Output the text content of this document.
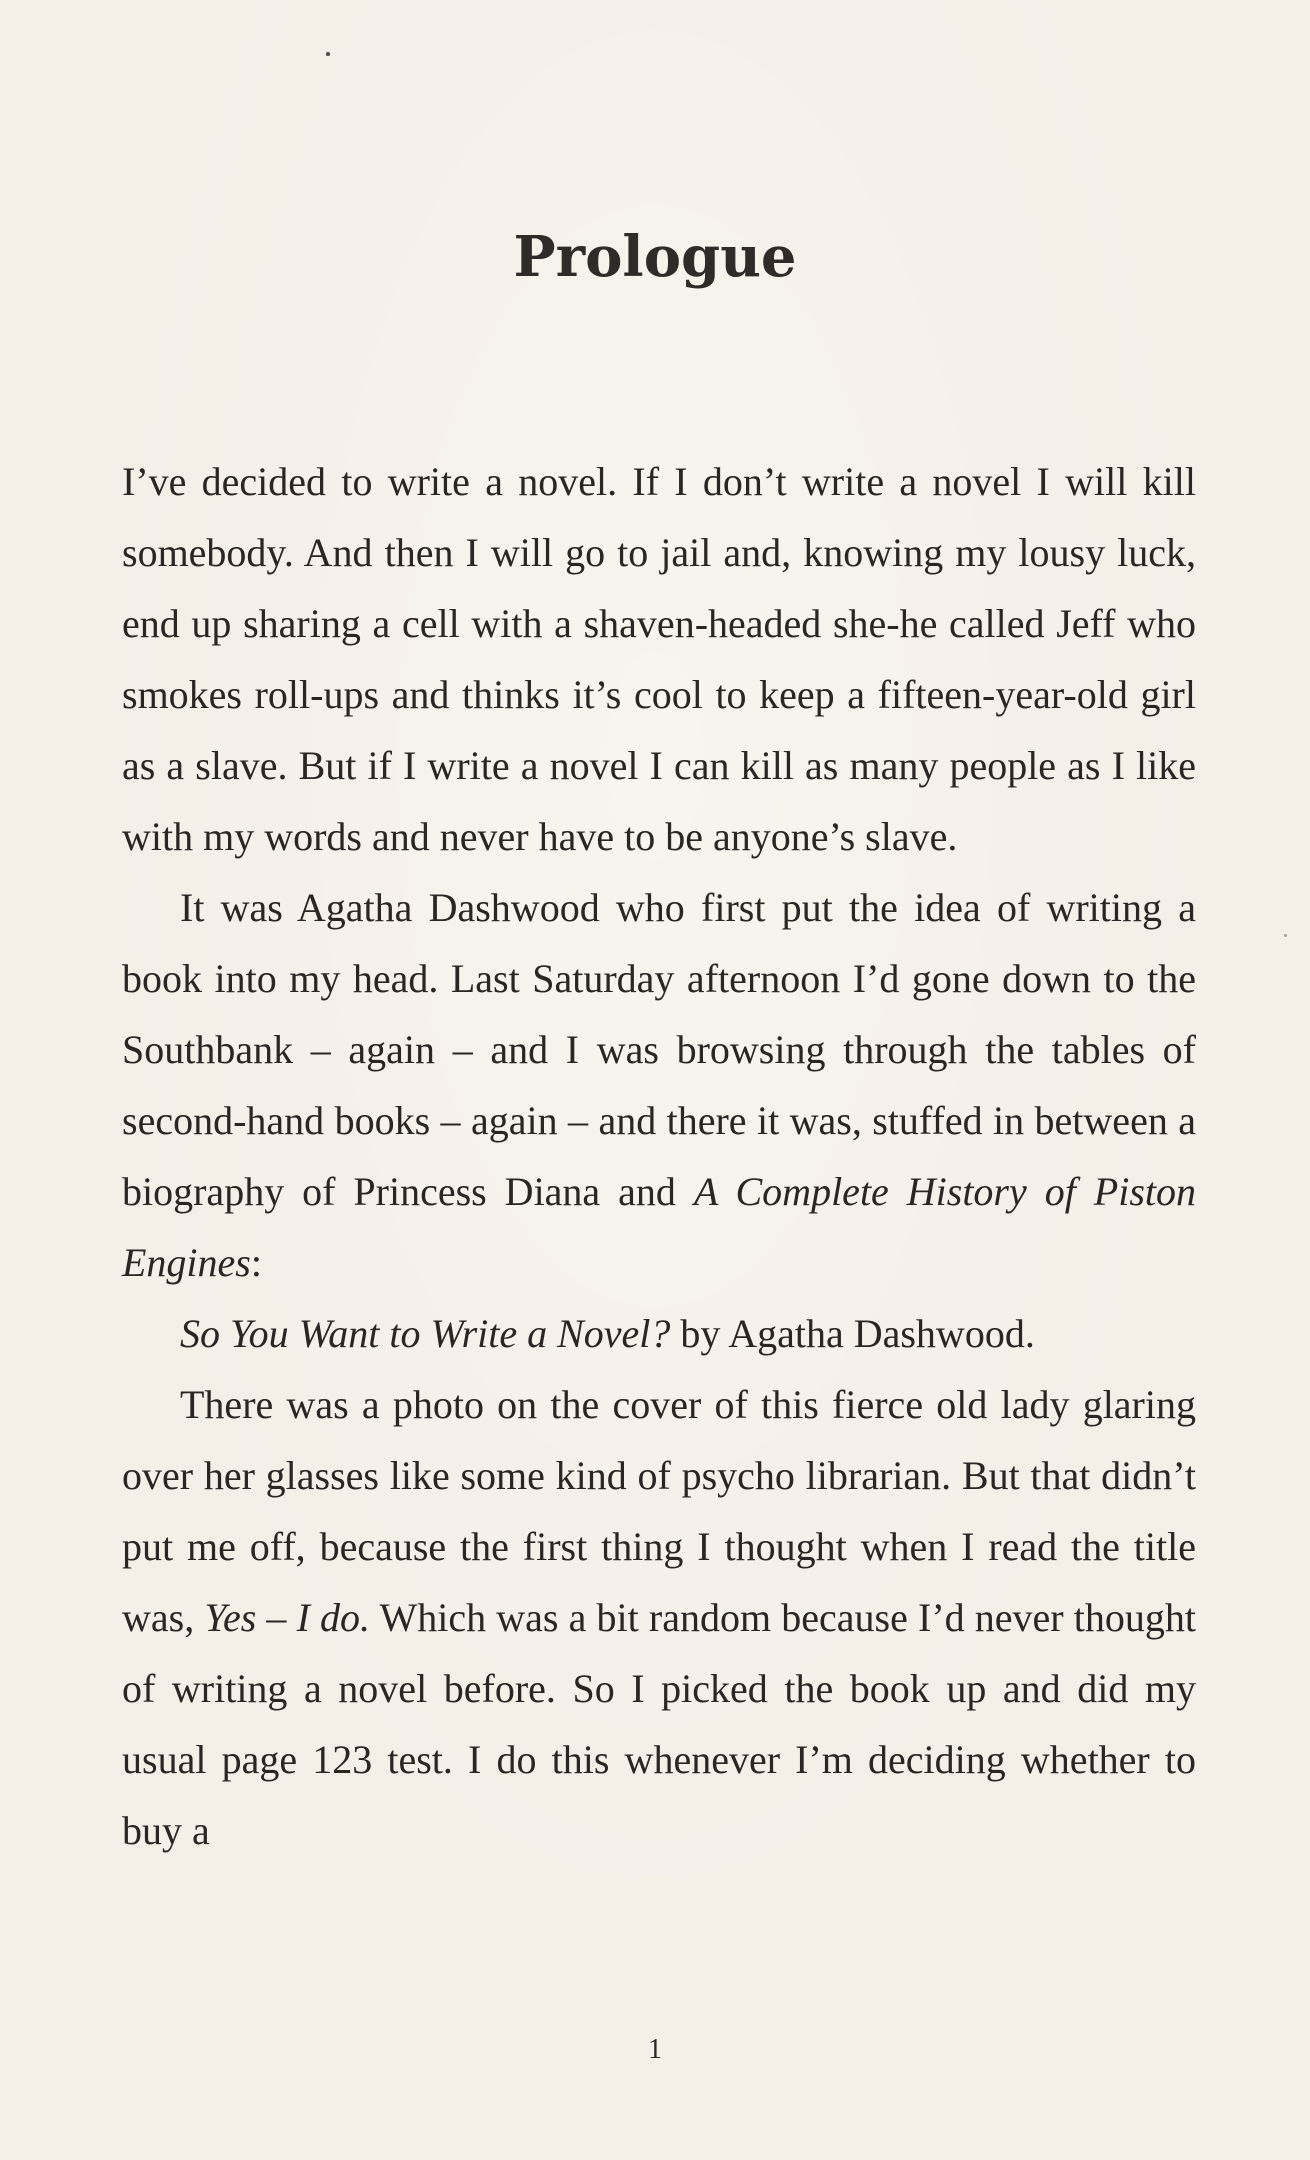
Prologue

I’ve decided to write a novel. If I don’t write a novel I will kill somebody. And then I will go to jail and, knowing my lousy luck, end up sharing a cell with a shaven-headed she-he called Jeff who smokes roll-ups and thinks it’s cool to keep a fifteen-year-old girl as a slave. But if I write a novel I can kill as many people as I like with my words and never have to be anyone’s slave.

It was Agatha Dashwood who first put the idea of writing a book into my head. Last Saturday afternoon I’d gone down to the Southbank – again – and I was browsing through the tables of second-hand books – again – and there it was, stuffed in between a biography of Princess Diana and A Complete History of Piston Engines:

So You Want to Write a Novel? by Agatha Dashwood.

There was a photo on the cover of this fierce old lady glaring over her glasses like some kind of psycho librarian. But that didn’t put me off, because the first thing I thought when I read the title was, Yes – I do. Which was a bit random because I’d never thought of writing a novel before. So I picked the book up and did my usual page 123 test. I do this whenever I’m deciding whether to buy a

1
